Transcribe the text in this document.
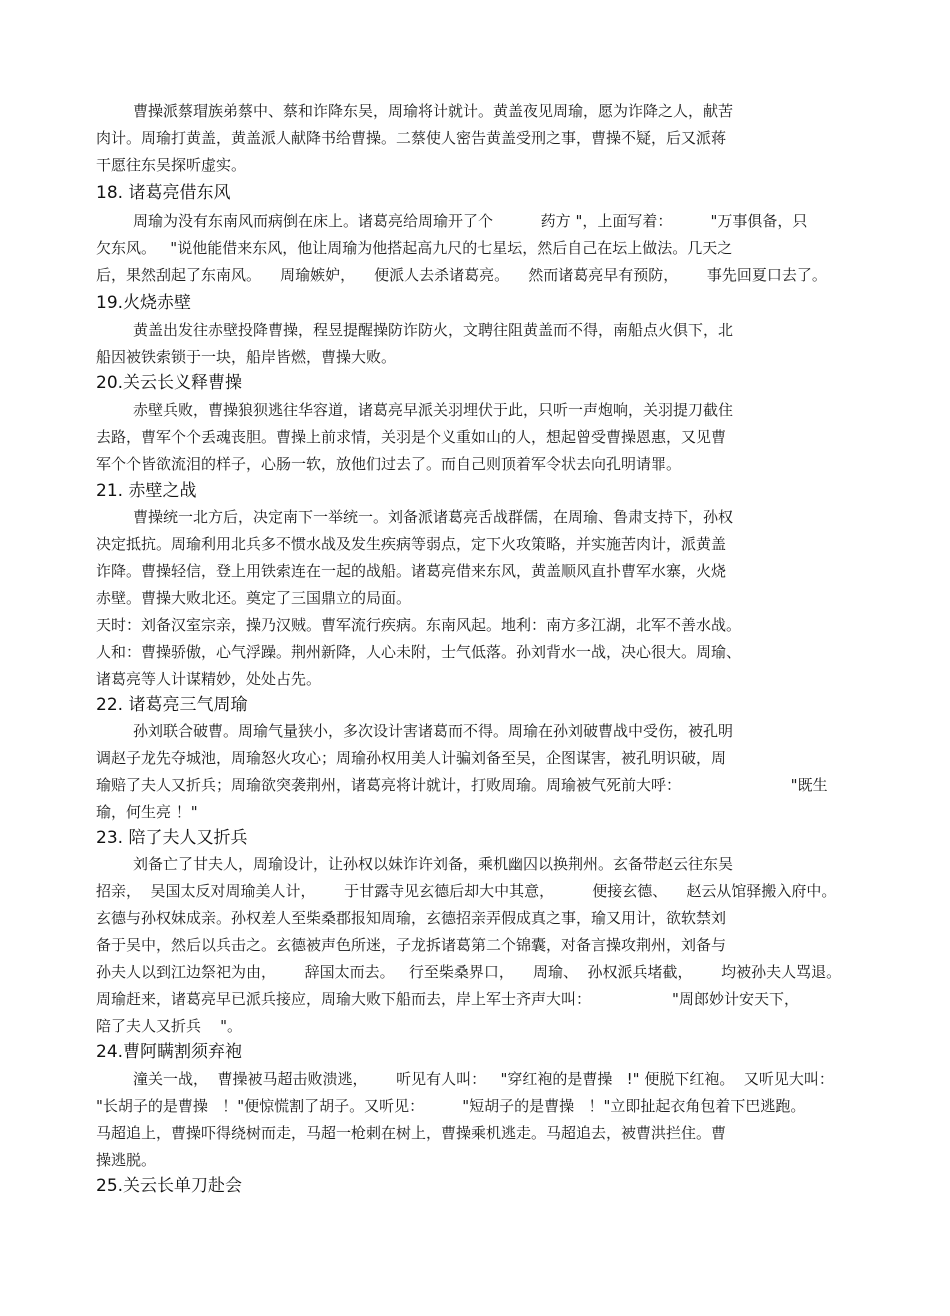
曹操派蔡瑁族弟蔡中、蔡和诈降东吴，周瑜将计就计。黄盖夜见周瑜，愿为诈降之人，献苦
肉计。周瑜打黄盖，黄盖派人献降书给曹操。二蔡使人密告黄盖受刑之事，曹操不疑，后又派蒋
干愿往东吴探听虚实。
18. 诸葛亮借东风
周瑜为没有东南风而病倒在床上。诸葛亮给周瑜开了个          药方 "，上面写着：        "万事俱备，只
欠东风。   "说他能借来东风，他让周瑜为他搭起高九尺的七星坛，然后自己在坛上做法。几天之
后，果然刮起了东南风。    周瑜嫉妒，    便派人去杀诸葛亮。    然而诸葛亮早有预防，      事先回夏口去了。
19.火烧赤壁
黄盖出发往赤壁投降曹操，程昱提醒操防诈防火，文聘往阻黄盖而不得，南船点火俱下，北
船因被铁索锁于一块，船岸皆燃，曹操大败。
20.关云长义释曹操
赤壁兵败，曹操狼狈逃往华容道，诸葛亮早派关羽埋伏于此，只听一声炮响，关羽提刀截住
去路，曹军个个丢魂丧胆。曹操上前求情，关羽是个义重如山的人，想起曾受曹操恩惠，又见曹
军个个皆欲流泪的样子，心肠一软，放他们过去了。而自己则顶着军令状去向孔明请罪。
21. 赤壁之战
曹操统一北方后，决定南下一举统一。刘备派诸葛亮舌战群儒，在周瑜、鲁肃支持下，孙权
决定抵抗。周瑜利用北兵多不惯水战及发生疾病等弱点，定下火攻策略，并实施苦肉计，派黄盖
诈降。曹操轻信，登上用铁索连在一起的战船。诸葛亮借来东风，黄盖顺风直扑曹军水寨，火烧
赤壁。曹操大败北还。奠定了三国鼎立的局面。
天时：刘备汉室宗亲，操乃汉贼。曹军流行疾病。东南风起。地利：南方多江湖，北军不善水战。
人和：曹操骄傲，心气浮躁。荆州新降，人心未附，士气低落。孙刘背水一战，决心很大。周瑜、
诸葛亮等人计谋精妙，处处占先。
22. 诸葛亮三气周瑜
孙刘联合破曹。周瑜气量狭小，多次设计害诸葛而不得。周瑜在孙刘破曹战中受伤，被孔明
调赵子龙先夺城池，周瑜怒火攻心；周瑜孙权用美人计骗刘备至吴，企图谋害，被孔明识破，周
瑜赔了夫人又折兵；周瑜欲突袭荆州，诸葛亮将计就计，打败周瑜。周瑜被气死前大呼：                       "既生
瑜，何生亮 ！"
23. 陪了夫人又折兵
刘备亡了甘夫人，周瑜设计，让孙权以妹诈许刘备，乘机幽囚以换荆州。玄备带赵云往东吴
招亲，  吴国太反对周瑜美人计，      于甘露寺见玄德后却大中其意，        便接玄德、    赵云从馆驿搬入府中。
玄德与孙权妹成亲。孙权差人至柴桑郡报知周瑜，玄德招亲弄假成真之事，瑜又用计，欲软禁刘
备于吴中，然后以兵击之。玄德被声色所迷，子龙拆诸葛第二个锦囊，对备言操攻荆州，刘备与
孙夫人以到江边祭祀为由，      辞国太而去。   行至柴桑界口，    周瑜、  孙权派兵堵截，      均被孙夫人骂退。
周瑜赶来，诸葛亮早已派兵接应，周瑜大败下船而去，岸上军士齐声大叫：                 "周郎妙计安天下，
陪了夫人又折兵    "。
24.曹阿瞒割须弃袍
潼关一战，  曹操被马超击败溃逃，      听见有人叫：   "穿红袍的是曹操   !" 便脱下红袍。  又听见大叫：
"长胡子的是曹操   ！"便惊慌割了胡子。又听见：        "短胡子的是曹操   ！"立即扯起衣角包着下巴逃跑。
马超追上，曹操吓得绕树而走，马超一枪刺在树上，曹操乘机逃走。马超追去，被曹洪拦住。曹
操逃脱。
25.关云长单刀赴会
